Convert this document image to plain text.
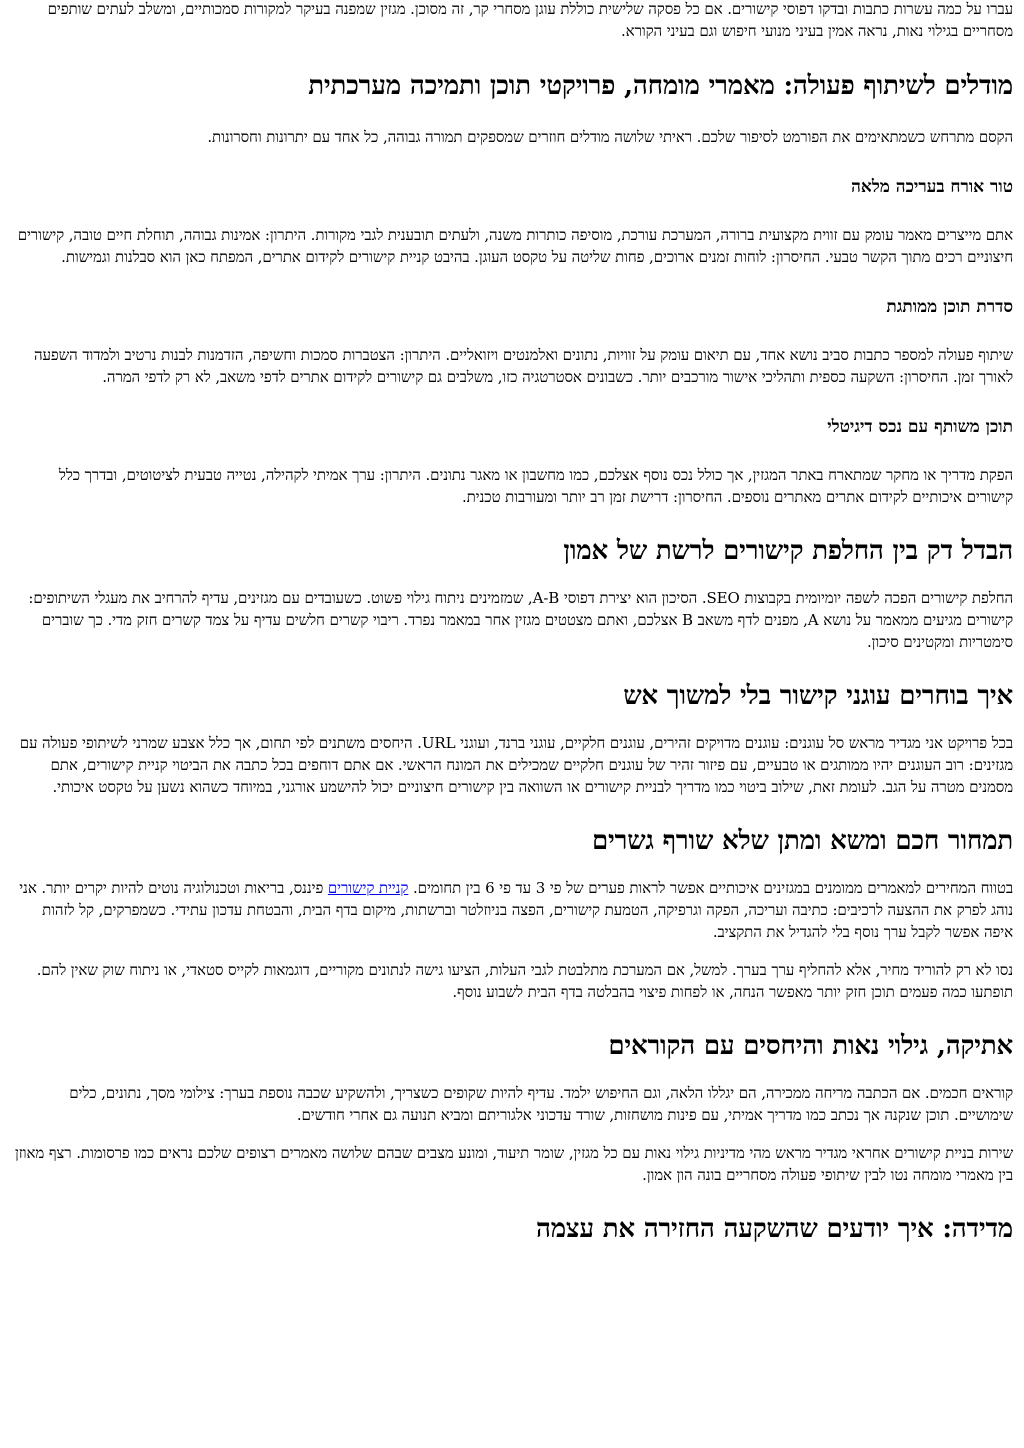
עברו על כמה עשרות כתבות ובדקו דפוסי קישורים. אם כל פסקה שלישית כוללת עוגן מסחרי קר, זה מסוכן. מגזין שמפנה בעיקר למקורות סמכותיים, ומשלב לעתים שותפים מסחריים בגילוי נאות, נראה אמין בעיני מנועי חיפוש וגם בעיני הקורא.

מודלים לשיתוף פעולה: מאמרי מומחה, פרויקטי תוכן ותמיכה מערכתית

הקסם מתרחש כשמתאימים את הפורמט לסיפור שלכם. ראיתי שלושה מודלים חוזרים שמספקים תמורה גבוהה, כל אחד עם יתרונות וחסרונות.

טור אורח בעריכה מלאה

אתם מייצרים מאמר עומק עם זווית מקצועית ברורה, המערכת עורכת, מוסיפה כותרות משנה, ולעתים תובענית לגבי מקורות. היתרון: אמינות גבוהה, תוחלת חיים טובה, קישורים חיצוניים רכים מתוך הקשר טבעי. החיסרון: לוחות זמנים ארוכים, פחות שליטה על טקסט העוגן. בהיבט קניית קישורים לקידום אתרים, המפתח כאן הוא סבלנות וגמישות.

סדרת תוכן ממותגת

שיתוף פעולה למספר כתבות סביב נושא אחד, עם תיאום עומק על זוויות, נתונים ואלמנטים ויזואליים. היתרון: הצטברות סמכות וחשיפה, הזדמנות לבנות נרטיב ולמדוד השפעה לאורך זמן. החיסרון: השקעה כספית ותהליכי אישור מורכבים יותר. כשבונים אסטרטגיה כזו, משלבים גם קישורים לקידום אתרים לדפי משאב, לא רק לדפי המרה.

תוכן משותף עם נכס דיגיטלי

הפקת מדריך או מחקר שמתארח באתר המגזין, אך כולל נכס נוסף אצלכם, כמו מחשבון או מאגר נתונים. היתרון: ערך אמיתי לקהילה, נטייה טבעית לציטוטים, ובדרך כלל קישורים איכותיים לקידום אתרים מאתרים נוספים. החיסרון: דרישת זמן רב יותר ומעורבות טכנית.

הבדל דק בין החלפת קישורים לרשת של אמון

החלפת קישורים הפכה לשפה יומיומית בקבוצות SEO. הסיכון הוא יצירת דפוסי A-B, שמזמינים ניתוח גילוי פשוט. כשעובדים עם מגזינים, עדיף להרחיב את מעגלי השיתופים: קישורים מגיעים ממאמר על נושא A, מפנים לדף משאב B אצלכם, ואתם מצטטים מגזין אחר במאמר נפרד. ריבוי קשרים חלשים עדיף על צמד קשרים חזק מדי. כך שוברים סימטריות ומקטינים סיכון.

איך בוחרים עוגני קישור בלי למשוך אש

בכל פרויקט אני מגדיר מראש סל עוגנים: עוגנים מדויקים זהירים, עוגנים חלקיים, עוגני ברנד, ועוגני URL. היחסים משתנים לפי תחום, אך כלל אצבע שמרני לשיתופי פעולה עם מגזינים: רוב העוגנים יהיו ממותגים או טבעיים, עם פיזור זהיר של עוגנים חלקיים שמכילים את המונח הראשי. אם אתם דוחפים בכל כתבה את הביטוי קניית קישורים, אתם מסמנים מטרה על הגב. לעומת זאת, שילוב ביטוי כמו מדריך לבניית קישורים או השוואה בין קישורים חיצוניים יכול להישמע אורגני, במיוחד כשהוא נשען על טקסט איכותי.

תמחור חכם ומשא ומתן שלא שורף גשרים

בטווח המחירים למאמרים ממומנים במגזינים איכותיים אפשר לראות פערים של פי 3 עד פי 6 בין תחומים. קניית קישורים פיננס, בריאות וטכנולוגיה נוטים להיות יקרים יותר. אני נוהג לפרק את ההצעה לרכיבים: כתיבה ועריכה, הפקה וגרפיקה, הטמעת קישורים, הפצה בניוזלטר וברשתות, מיקום בדף הבית, והבטחת עדכון עתידי. כשמפרקים, קל לזהות איפה אפשר לקבל ערך נוסף בלי להגדיל את התקציב.

נסו לא רק להוריד מחיר, אלא להחליף ערך בערך. למשל, אם המערכת מתלבטת לגבי העלות, הציעו גישה לנתונים מקוריים, דוגמאות לקייס סטאדי, או ניתוח שוק שאין להם. תופתעו כמה פעמים תוכן חזק יותר מאפשר הנחה, או לפחות פיצוי בהבלטה בדף הבית לשבוע נוסף.

אתיקה, גילוי נאות והיחסים עם הקוראים

קוראים חכמים. אם הכתבה מריחה ממכירה, הם יגללו הלאה, וגם החיפוש ילמד. עדיף להיות שקופים כשצריך, ולהשקיע שכבה נוספת בערך: צילומי מסך, נתונים, כלים שימושיים. תוכן שנקנה אך נכתב כמו מדריך אמיתי, עם פינות מושחזות, שורד עדכוני אלגוריתם ומביא תנועה גם אחרי חודשים.

שירות בניית קישורים אחראי מגדיר מראש מהי מדיניות גילוי נאות עם כל מגזין, שומר תיעוד, ומונע מצבים שבהם שלושה מאמרים רצופים שלכם נראים כמו פרסומות. רצף מאוזן בין מאמרי מומחה נטו לבין שיתופי פעולה מסחריים בונה הון אמון.

מדידה: איך יודעים שהשקעה החזירה את עצמה
